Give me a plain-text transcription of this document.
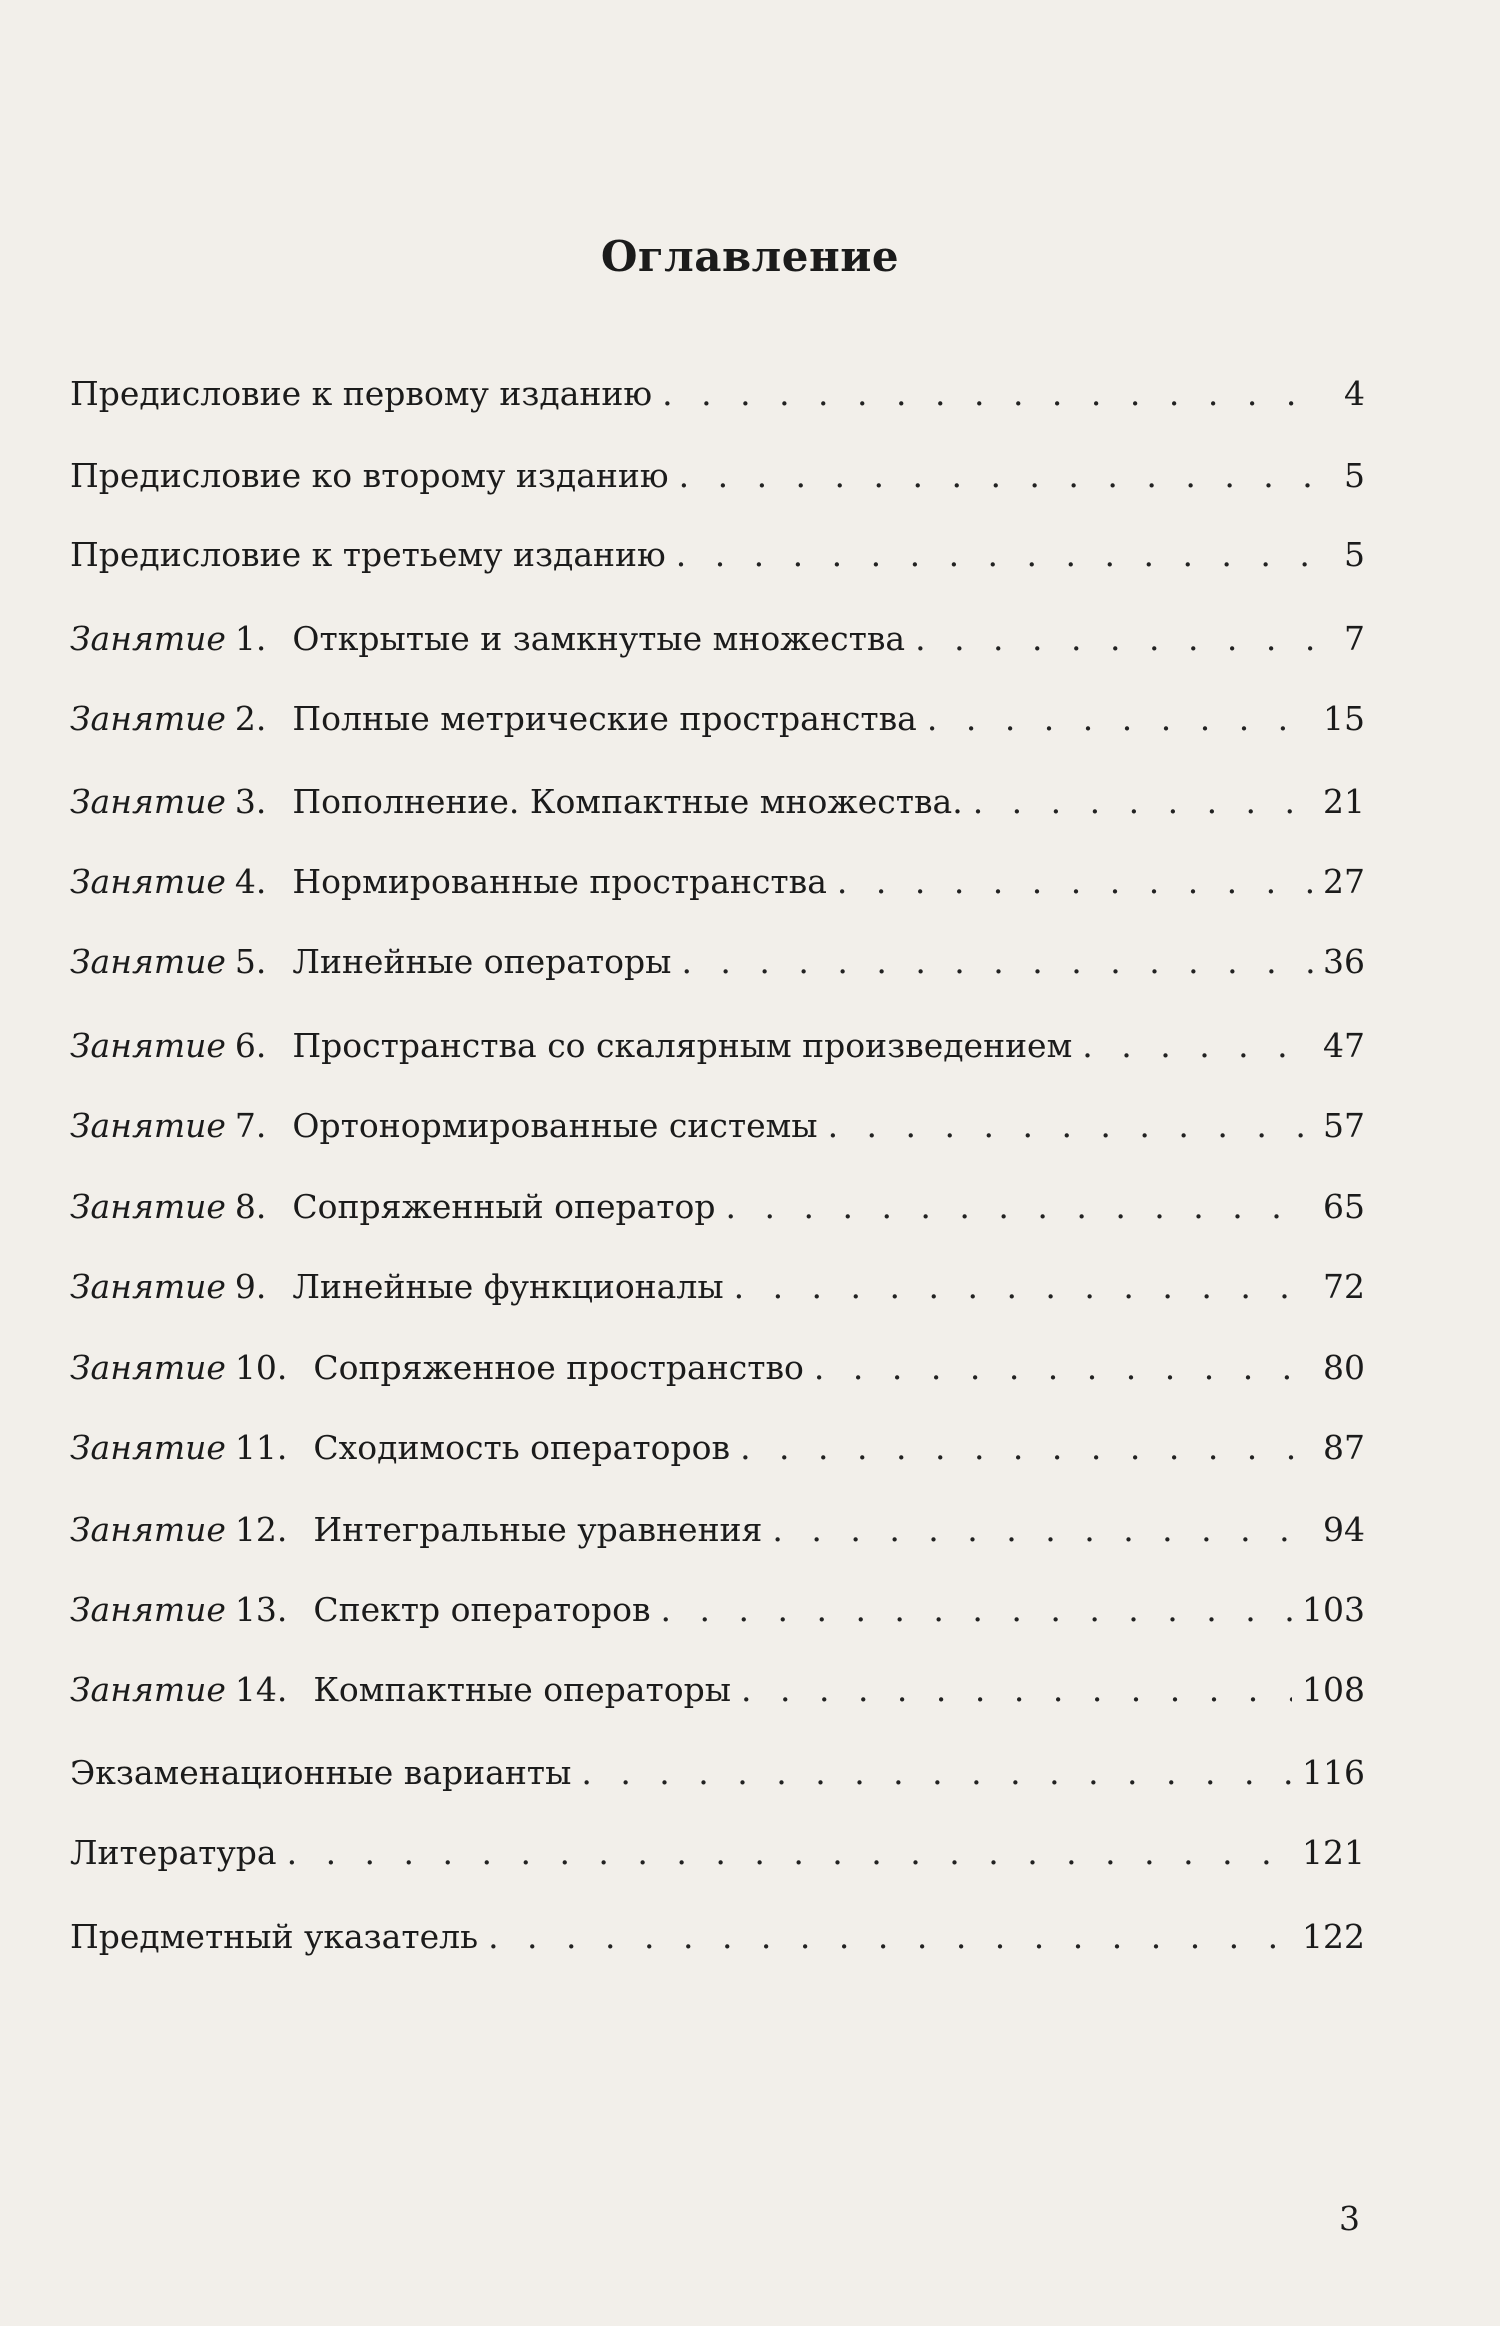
Оглавление
Предисловие к первому изданию . . .	4
Предисловие ко второму изданию . . .	5
Предисловие к третьему изданию . . .	5
Занятие 1. Открытые и замкнутые множества . . .	7
Занятие 2. Полные метрические пространства . . .	15
Занятие 3. Пополнение. Компактные множества. . . .	21
Занятие 4. Нормированные пространства . . .	27
Занятие 5. Линейные операторы . . .	36
Занятие 6. Пространства со скалярным произведением . . .	47
Занятие 7. Ортонормированные системы . . .	57
Занятие 8. Сопряженный оператор . . .	65
Занятие 9. Линейные функционалы . . .	72
Занятие 10. Сопряженное пространство . . .	80
Занятие 11. Сходимость операторов . . .	87
Занятие 12. Интегральные уравнения . . .	94
Занятие 13. Спектр операторов . . .	103
Занятие 14. Компактные операторы . . .	108
Экзаменационные варианты . . .	116
Литература . . .	121
Предметный указатель . . .	122
3
